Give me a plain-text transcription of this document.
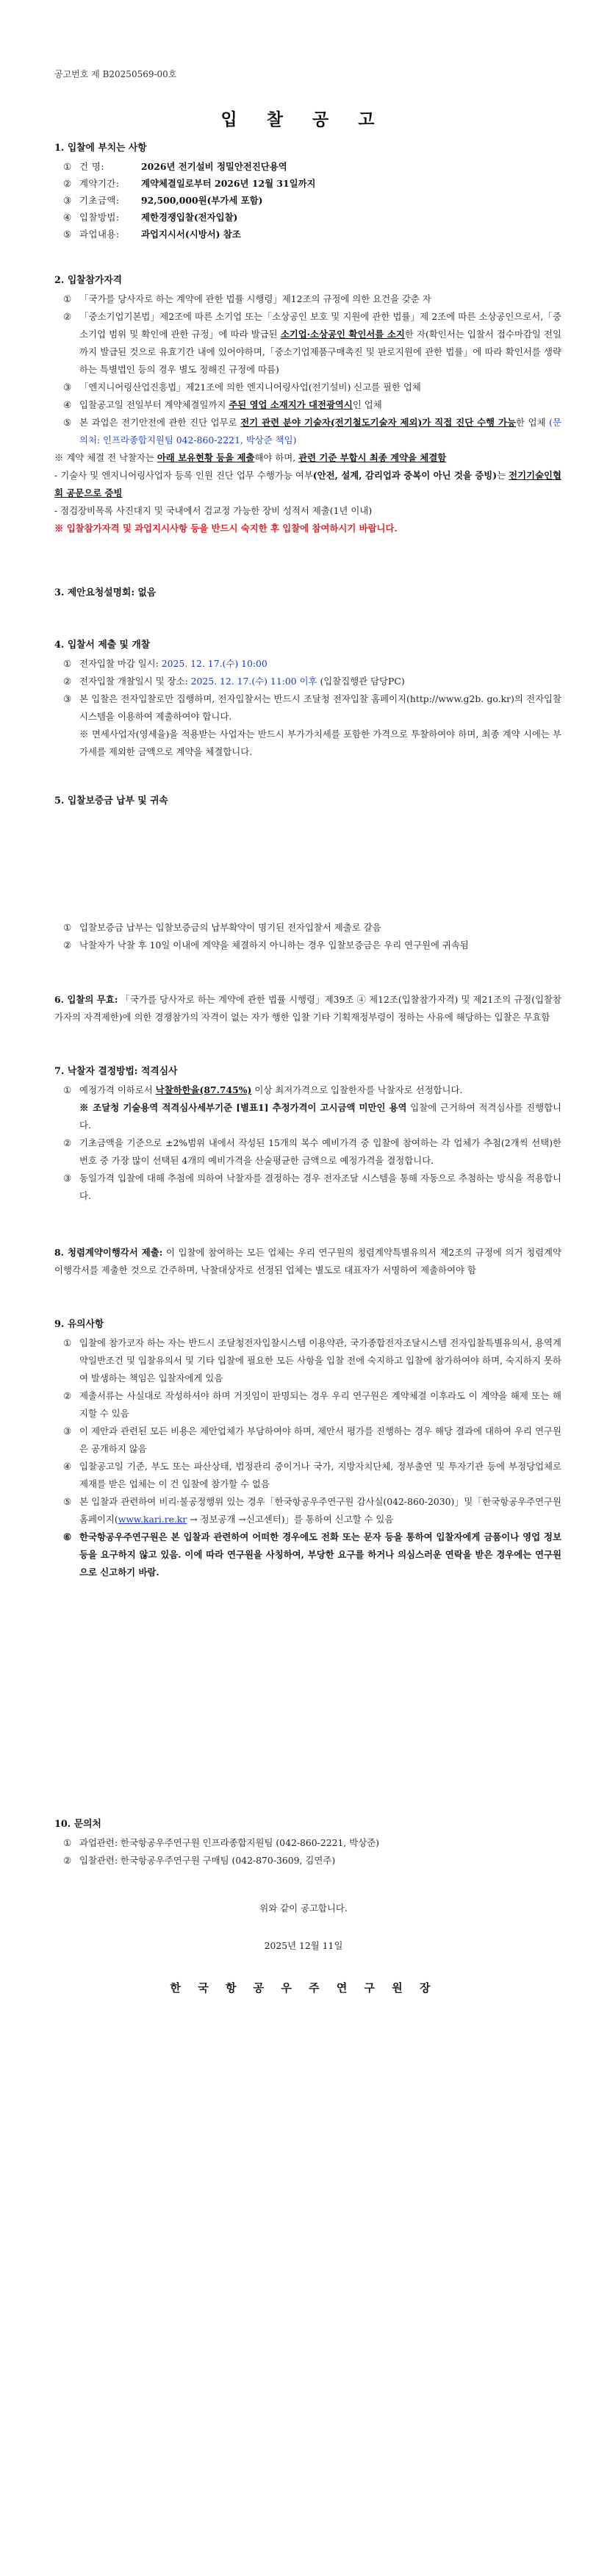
공고번호 제 B20250569-00호
입 찰 공 고
1. 입찰에 부치는 사항
① 건 명:	2026년 전기설비 정밀안전진단용역
② 계약기간:	계약체결일로부터 2026년 12월 31일까지
③ 기초금액:	92,500,000원(부가세 포함)
④ 입찰방법:	제한경쟁입찰(전자입찰)
⑤ 과업내용:	과업지시서(시방서) 참조
2. 입찰참가자격
① 「국가를 당사자로 하는 계약에 관한 법률 시행령」제12조의 규정에 의한 요건을 갖춘 자
② 「중소기업기본법」제2조에 따른 소기업 또는「소상공인 보호 및 지원에 관한 법률」제 2조에 따른 소상공인으로서,「중소기업 범위 및 확인에 관한 규정」에 따라 발급된 소기업·소상공인 확인서를 소지한 자(확인서는 입찰서 접수마감일 전일까지 발급된 것으로 유효기간 내에 있어야하며,「중소기업제품구매촉진 및 판로지원에 관한 법률」에 따라 확인서를 생략하는 특별법인 등의 경우 별도 정해진 규정에 따름)
③ 「엔지니어링산업진흥법」제21조에 의한 엔지니어링사업(전기설비) 신고를 필한 업체
④ 입찰공고일 전일부터 계약체결일까지 주된 영업 소재지가 대전광역시인 업체
⑤ 본 과업은 전기안전에 관한 진단 업무로 전기 관련 분야 기술자(전기철도기술자 제외)가 직접 진단 수행 가능한 업체 (문의처: 인프라종합지원팀 042-860-2221, 박상준 책임)
※ 계약 체결 전 낙찰자는 아래 보유현황 등을 제출해야 하며, 관련 기준 부합시 최종 계약을 체결함
- 기술사 및 엔지니어링사업자 등록 인원 진단 업무 수행가능 여부(안전, 설계, 감리업과 중복이 아닌 것을 증빙)는 전기기술인협회 공문으로 증빙
- 점검장비목록 사진대지 및 국내에서 검교정 가능한 장비 성적서 제출(1년 이내)
※ 입찰참가자격 및 과업지시사항 등을 반드시 숙지한 후 입찰에 참여하시기 바랍니다.
3. 제안요청설명회: 없음
4. 입찰서 제출 및 개찰
① 전자입찰 마감 일시: 2025. 12. 17.(수) 10:00
② 전자입찰 개찰일시 및 장소: 2025. 12. 17.(수) 11:00 이후 (입찰집행관 담당PC)
③ 본 입찰은 전자입찰로만 집행하며, 전자입찰서는 반드시 조달청 전자입찰 홈페이지(http://www.g2b. go.kr)의 전자입찰시스템을 이용하여 제출하여야 합니다.
※ 면세사업자(영세율)을 적용받는 사업자는 반드시 부가가치세를 포함한 가격으로 투찰하여야 하며, 최종 계약 시에는 부가세를 제외한 금액으로 계약을 체결합니다.
5. 입찰보증금 납부 및 귀속
① 입찰보증금 납부는 입찰보증금의 납부확약이 명기된 전자입찰서 제출로 갈음
② 낙찰자가 낙찰 후 10일 이내에 계약을 체결하지 아니하는 경우 입찰보증금은 우리 연구원에 귀속됨
6. 입찰의 무효: 「국가를 당사자로 하는 계약에 관한 법률 시행령」제39조 ④ 제12조(입찰참가자격) 및 제21조의 규정(입찰참가자의 자격제한)에 의한 경쟁참가의 자격이 없는 자가 행한 입찰 기타 기획재정부령이 정하는 사유에 해당하는 입찰은 무효함
7. 낙찰자 결정방법: 적격심사
① 예정가격 이하로서 낙찰하한율(87.745%) 이상 최저가격으로 입찰한자를 낙찰자로 선정합니다.
※ 조달청 기술용역 적격심사세부기준 [별표1] 추정가격이 고시금액 미만인 용역 입찰에 근거하여 적격심사를 진행합니다.
② 기초금액을 기준으로 ±2%범위 내에서 작성된 15개의 복수 예비가격 중 입찰에 참여하는 각 업체가 추첨(2개씩 선택)한 번호 중 가장 많이 선택된 4개의 예비가격을 산술평균한 금액으로 예정가격을 결정합니다.
③ 동일가격 입찰에 대해 추첨에 의하여 낙찰자를 결정하는 경우 전자조달 시스템을 통해 자동으로 추첨하는 방식을 적용합니다.
8. 청렴계약이행각서 제출: 이 입찰에 참여하는 모든 업체는 우리 연구원의 청렴계약특별유의서 제2조의 규정에 의거 청렴계약이행각서를 제출한 것으로 간주하며, 낙찰대상자로 선정된 업체는 별도로 대표자가 서명하여 제출하여야 함
9. 유의사항
① 입찰에 참가코자 하는 자는 반드시 조달청전자입찰시스템 이용약관, 국가종합전자조달시스템 전자입찰특별유의서, 용역계약일반조건 및 입찰유의서 및 기타 입찰에 필요한 모든 사항을 입찰 전에 숙지하고 입찰에 참가하여야 하며, 숙지하지 못하여 발생하는 책임은 입찰자에게 있음
② 제출서류는 사실대로 작성하셔야 하며 거짓임이 판명되는 경우 우리 연구원은 계약체결 이후라도 이 계약을 해제 또는 해지할 수 있음
③ 이 제안과 관련된 모든 비용은 제안업체가 부담하여야 하며, 제안서 평가를 진행하는 경우 해당 결과에 대하여 우리 연구원은 공개하지 않음
④ 입찰공고일 기준, 부도 또는 파산상태, 법정관리 중이거나 국가, 지방자치단체, 정부출연 및 투자기관 등에 부정당업체로 제재를 받은 업체는 이 건 입찰에 참가할 수 없음
⑤ 본 입찰과 관련하여 비리·불공정행위 있는 경우「한국항공우주연구원 감사실(042-860-2030)」및「한국항공우주연구원 홈페이지(www.kari.re.kr → 정보공개 →신고센터)」를 통하여 신고할 수 있음
⑥ 한국항공우주연구원은 본 입찰과 관련하여 어떠한 경우에도 전화 또는 문자 등을 통하여 입찰자에게 금품이나 영업 정보 등을 요구하지 않고 있음. 이에 따라 연구원을 사칭하여, 부당한 요구를 하거나 의심스러운 연락을 받은 경우에는 연구원으로 신고하기 바람.
10. 문의처
① 과업관련: 한국항공우주연구원 인프라종합지원팀 (042-860-2221, 박상준)
② 입찰관련: 한국항공우주연구원 구매팀 (042-870-3609, 김연주)
위와 같이 공고합니다.
2025년 12월 11일
한 국 항 공 우 주 연 구 원 장
